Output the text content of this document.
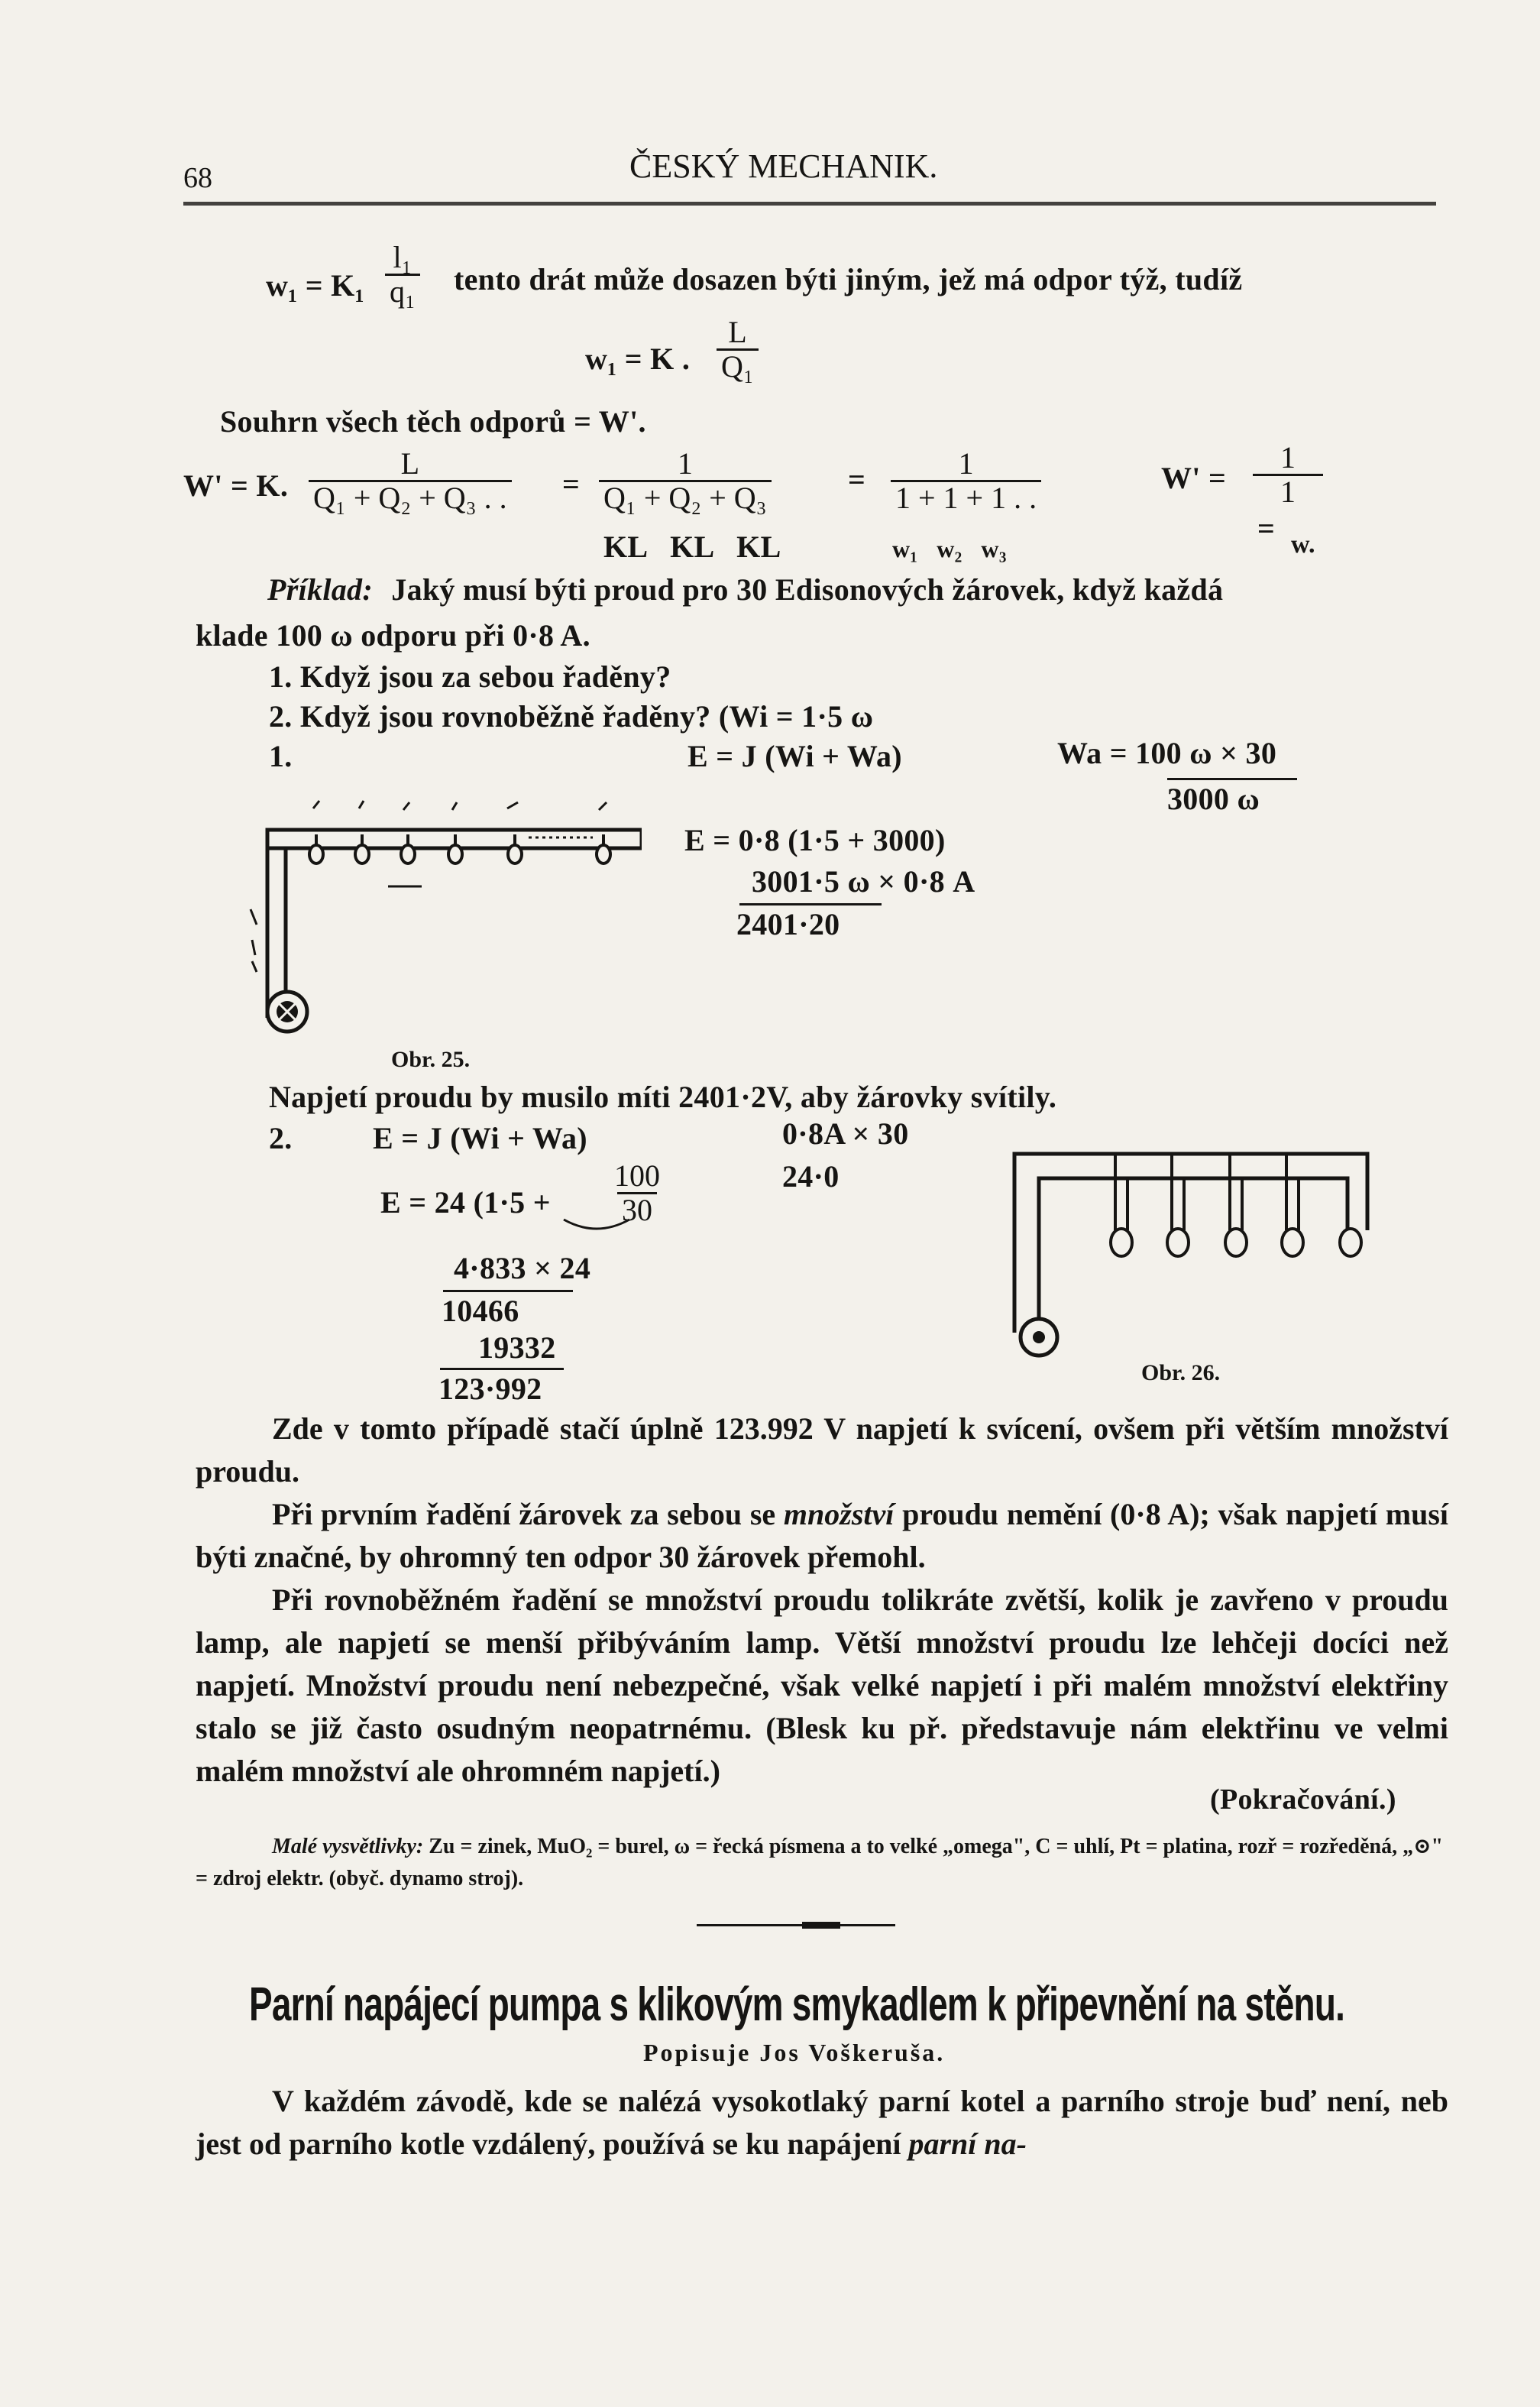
68	ČESKÝ MECHANIK.
$w_1 = K_1 \frac{\text{l₁}}{\text{q₁}}$ tento drát může dosazen býti jiným, jež má odpor týž, tudíž
w₁ = K . $\frac{L}{\text{Q₁}}$
Souhrn všech těch odporů = W'.
W' = K. $\frac{L}{\text{Q₁ + Q₂ + Q₃ . .}} = \frac{1}{\text{Q₁ + Q₂ + Q₃}}$
KL   KL   KL
= $\frac{1}{1 + 1 + 1 . .}$
w₁   w₂   w₃
$W' = \frac{1}{1}$
= w.
Příklad: Jaký musí býti proud pro 30 Edisonových žárovek, když každá
klade 100 ω odporu při 0·8 A.
1. Když jsou za sebou řaděny?
2. Když jsou rovnoběžně řaděny? (Wi = 1·5 ω
1.	E = J (Wi + Wa)	Wa = 100 ω × 30
3000 ω
E = 0·8 (1·5 + 3000)
3001·5 ω × 0·8 A
2401·20
Obr. 25.
Napjetí proudu by musilo míti 2401·2V, aby žárovky svítily.
2.	E = J (Wi + Wa)	0·8A × 30
24·0
E = 24 ($1\cdot 5 + \frac{100}{30}$
4·833 × 24
10466
19332
123·992	Obr. 26.

Zde v tomto případě stačí úplně 123.992 V napjetí k svícení, ovšem při větším množství proudu.

Při prvním řadění žárovek za sebou se množství proudu nemění (0·8 A); však napjetí musí býti značné, by ohromný ten odpor 30 žárovek přemohl.

Při rovnoběžném řadění se množství proudu tolikráte zvětší, kolik je zavřeno v proudu lamp, ale napjetí se menší přibýváním lamp. Větší množství proudu lze lehčeji docíci než napjetí. Množství proudu není nebezpečné, však velké napjetí i při malém množství elektřiny stalo se již často osudným neopatrnému. (Blesk ku př. představuje nám elektřinu ve velmi malém množství ale ohromném napjetí.)

(Pokračování.)
Malé vysvětlivky: Zu = zinek, MuO₂ = burel, ω = řecká písmena a to velké „omega", C = uhlí, Pt = platina, rozř = rozředěná, „⊙" = zdroj elektr. (obyč. dynamo stroj).
Parní napájecí pumpa s klikovým smykadlem k připevnění na stěnu.
Popisuje Jos Voškeruša.

V každém závodě, kde se nalézá vysokotlaký parní kotel a parního stroje buď není, neb jest od parního kotle vzdálený, používá se ku napájení parní na-
